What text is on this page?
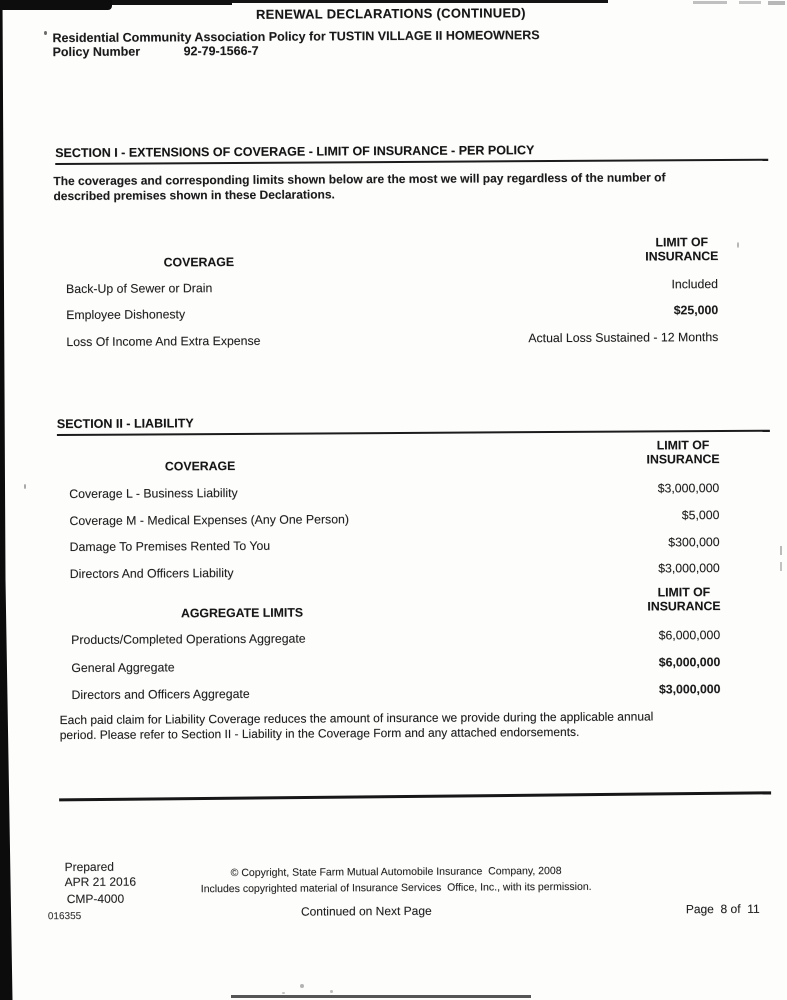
RENEWAL DECLARATIONS (CONTINUED)
Residential Community Association Policy for TUSTIN VILLAGE II HOMEOWNERS
Policy Number	92-79-1566-7
SECTION I - EXTENSIONS OF COVERAGE - LIMIT OF INSURANCE - PER POLICY
The coverages and corresponding limits shown below are the most we will pay regardless of the number of described premises shown in these Declarations.
LIMIT OF
INSURANCE
COVERAGE
Back-Up of Sewer or Drain	Included
Employee Dishonesty	$25,000
Loss Of Income And Extra Expense	Actual Loss Sustained - 12 Months
SECTION II - LIABILITY
LIMIT OF
INSURANCE
COVERAGE
Coverage L - Business Liability	$3,000,000
Coverage M - Medical Expenses (Any One Person)	$5,000
Damage To Premises Rented To You	$300,000
Directors And Officers Liability	$3,000,000
LIMIT OF
INSURANCE
AGGREGATE LIMITS
Products/Completed Operations Aggregate	$6,000,000
General Aggregate	$6,000,000
Directors and Officers Aggregate	$3,000,000
Each paid claim for Liability Coverage reduces the amount of insurance we provide during the applicable annual period. Please refer to Section II - Liability in the Coverage Form and any attached endorsements.
Prepared
APR 21 2016
CMP-4000
016355
© Copyright, State Farm Mutual Automobile Insurance  Company, 2008
Includes copyrighted material of Insurance Services  Office, Inc., with its permission.
Continued on Next Page	Page  8 of  11
